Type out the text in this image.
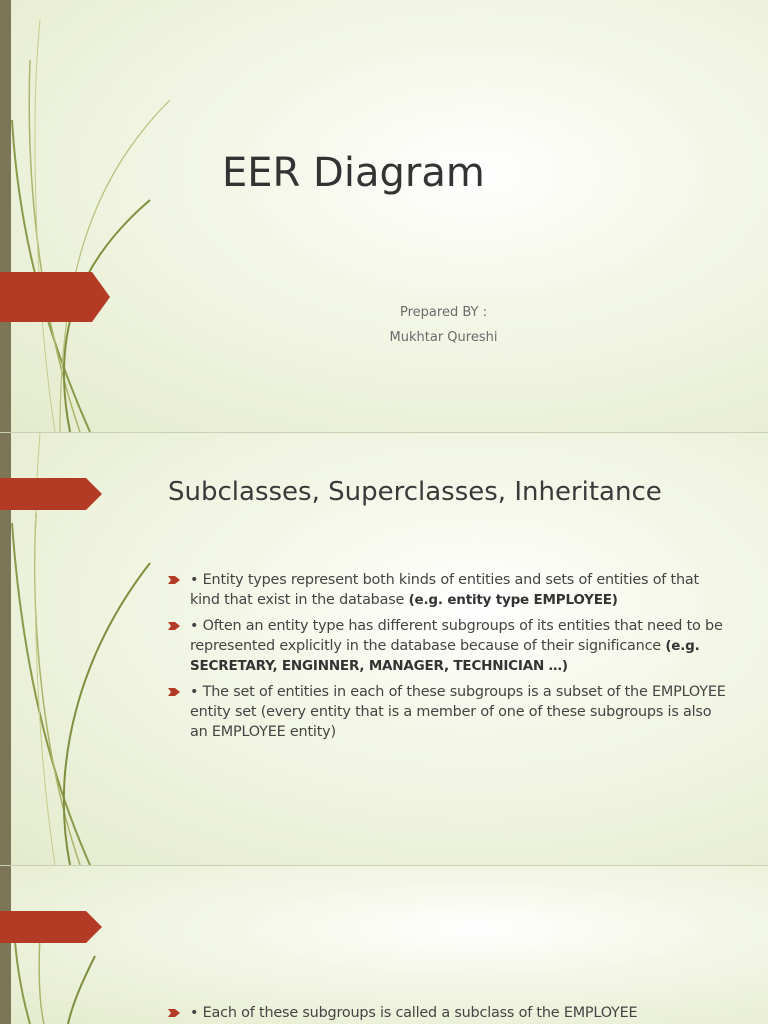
EER Diagram
Prepared BY :
Mukhtar Qureshi
Subclasses, Superclasses, Inheritance
• Entity types represent both kinds of entities and sets of entities of that kind that exist in the database (e.g. entity type EMPLOYEE)
• Often an entity type has different subgroups of its entities that need to be represented explicitly in the database because of their significance (e.g. SECRETARY, ENGINNER, MANAGER, TECHNICIAN …)
• The set of entities in each of these subgroups is a subset of the EMPLOYEE entity set (every entity that is a member of one of these subgroups is also an EMPLOYEE entity)
• Each of these subgroups is called a subclass of the EMPLOYEE
